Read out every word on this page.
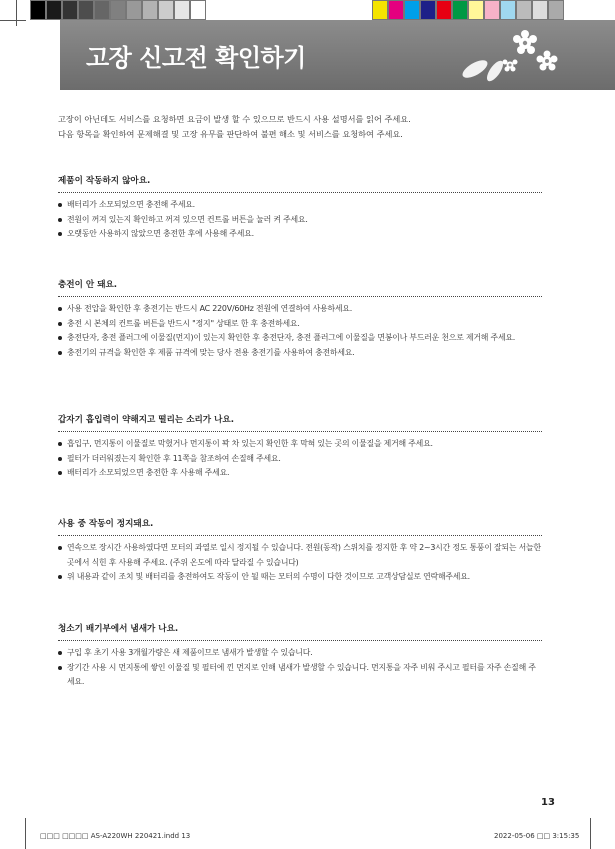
고장 신고전 확인하기
고장이 아닌데도 서비스를 요청하면 요금이 발생 할 수 있으므로 반드시 사용 설명서를 읽어 주세요.
다음 항목을 확인하여 문제해결 및 고장 유무를 판단하여 불편 해소 및 서비스를 요청하여 주세요.
제품이 작동하지 않아요.
배터리가 소모되었으면 충전해 주세요.
전원이 꺼져 있는지 확인하고 꺼져 있으면 컨트롤 버튼을 눌러 켜 주세요.
오랫동안 사용하지 않았으면 충전한 후에 사용해 주세요.
충전이 안 돼요.
사용 전압을 확인한 후 충전기는 반드시 AC 220V/60Hz 전원에 연결하여 사용하세요.
충전 시 본체의 컨트롤 버튼을 반드시 "정지" 상태로 한 후 충전하세요.
충전단자, 충전 플러그에 이물질(먼지)이 있는지 확인한 후 충전단자, 충전 플러그에 이물질을 면봉이나 부드러운 천으로 제거해 주세요.
충전기의 규격을 확인한 후 제품 규격에 맞는 당사 전용 충전기를 사용하여 충전하세요.
갑자기 흡입력이 약해지고 떨리는 소리가 나요.
흡입구, 먼지통이 이물질로 막혔거나 먼지통이 꽉 차 있는지 확인한 후 막혀 있는 곳의 이물질을 제거해 주세요.
필터가 더러워졌는지 확인한 후 11쪽을 참조하여 손질해 주세요.
배터리가 소모되었으면 충전한 후 사용해 주세요.
사용 중 작동이 정지돼요.
연속으로 장시간 사용하였다면 모터의 과열로 일시 정지될 수 있습니다. 전원(동작) 스위치를 정지한 후 약 2~3시간 정도 통풍이 잘되는 서늘한 곳에서 식힌 후 사용해 주세요. (주위 온도에 따라 달라질 수 있습니다)
위 내용과 같이 조치 및 배터리를 충전하여도 작동이 안 될 때는 모터의 수명이 다한 것이므로 고객상담실로 연락해주세요.
청소기 배기부에서 냄새가 나요.
구입 후 초기 사용 3개월가량은 새 제품이므로 냄새가 발생할 수 있습니다.
장기간 사용 시 먼지통에 쌓인 이물질 및 필터에 낀 먼지로 인해 냄새가 발생할 수 있습니다. 먼지통을 자주 비워 주시고 필터를 자주 손질해 주세요.
13
□□□ □□□□ AS-A220WH 220421.indd 13	2022-05-06 □□ 3:15:35
